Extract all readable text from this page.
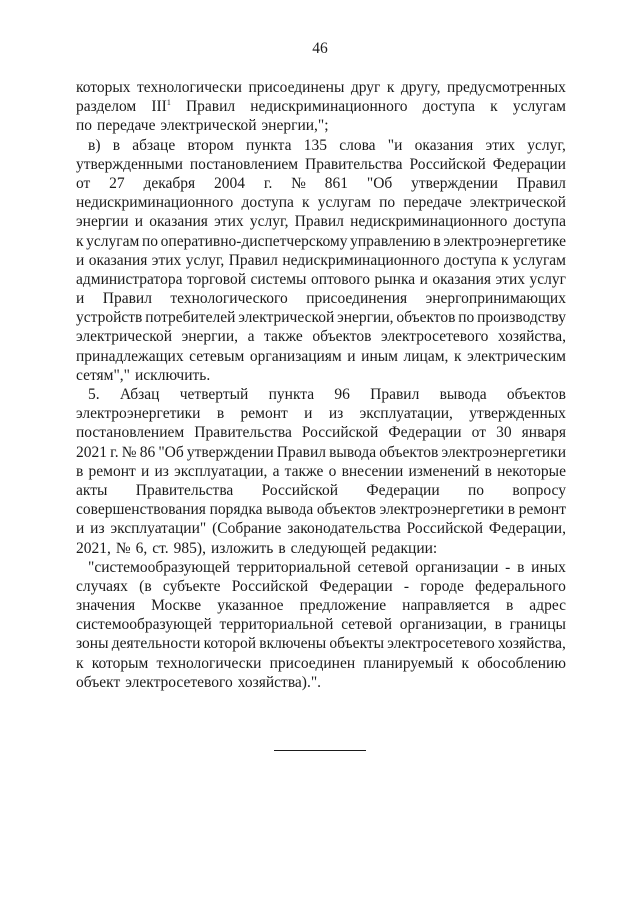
46
которых технологически присоединены друг к другу, предусмотренных
разделом III$^1$ Правил недискриминационного доступа к услугам
по передаче электрической энергии,";
в) в абзаце втором пункта 135 слова "и оказания этих услуг,
утвержденными постановлением Правительства Российской Федерации
от 27 декабря 2004 г. № 861 "Об утверждении Правил
недискриминационного доступа к услугам по передаче электрической
энергии и оказания этих услуг, Правил недискриминационного доступа
к услугам по оперативно-диспетчерскому управлению в электроэнергетике
и оказания этих услуг, Правил недискриминационного доступа к услугам
администратора торговой системы оптового рынка и оказания этих услуг
и Правил технологического присоединения энергопринимающих
устройств потребителей электрической энергии, объектов по производству
электрической энергии, а также объектов электросетевого хозяйства,
принадлежащих сетевым организациям и иным лицам, к электрическим
сетям"," исключить.
5. Абзац четвертый пункта 96 Правил вывода объектов
электроэнергетики в ремонт и из эксплуатации, утвержденных
постановлением Правительства Российской Федерации от 30 января
2021 г. № 86 "Об утверждении Правил вывода объектов электроэнергетики
в ремонт и из эксплуатации, а также о внесении изменений в некоторые
акты Правительства Российской Федерации по вопросу
совершенствования порядка вывода объектов электроэнергетики в ремонт
и из эксплуатации" (Собрание законодательства Российской Федерации,
2021, № 6, ст. 985), изложить в следующей редакции:
"системообразующей территориальной сетевой организации - в иных
случаях (в субъекте Российской Федерации - городе федерального
значения Москве указанное предложение направляется в адрес
системообразующей территориальной сетевой организации, в границы
зоны деятельности которой включены объекты электросетевого хозяйства,
к которым технологически присоединен планируемый к обособлению
объект электросетевого хозяйства).".
